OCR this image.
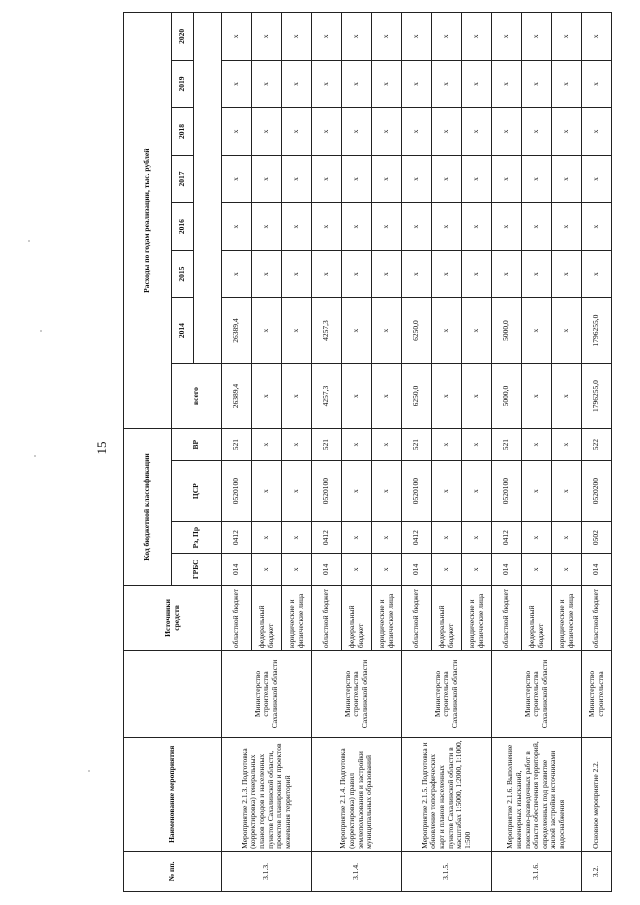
15
№ пп.	Наименование мероприятия		Источники средств	Код бюджетной классификации				Расходы по годам реализации, тыс. рублей							
				ГРБС	Рз, Пр	ЦСР	ВР	всего	2014	2015	2016	2017	2018	2019	2020

3.1.3.	Мероприятие 2.1.3. Подготовка (корректировка) генеральных планов городов и населенных пунктов Сахалинской области, проектов планировки и проектов межевания территорий	Министерство строительства Сахалинской области	областной бюджет	014	0412	0520100	521	26389,4	26389,4	х	х	х	х	х	х
			федеральный бюджет	х	х	х	х	х	х	х	х	х	х	х	х
			юридические и физические лица	х	х	х	х	х	х	х	х	х	х	х	х
3.1.4.	Мероприятие 2.1.4. Подготовка (корректировка) правил землепользования и застройки муниципальных образований	Министерство строительства Сахалинской области	областной бюджет	014	0412	0520100	521	4257,3	4257,3	х	х	х	х	х	х
			федеральный бюджет	х	х	х	х	х	х	х	х	х	х	х	х
			юридические и физические лица	х	х	х	х	х	х	х	х	х	х	х	х
3.1.5.	Мероприятие 2.1.5. Подготовка и обновление топографических карт и планов населенных пунктов Сахалинской области в масштабах 1:5000, 1:2000, 1:1000, 1:500	Министерство строительства Сахалинской области	областной бюджет	014	0412	0520100	521	6250,0	6250,0	х	х	х	х	х	х
			федеральный бюджет	х	х	х	х	х	х	х	х	х	х	х	х
			юридические и физические лица	х	х	х	х	х	х	х	х	х	х	х	х
3.1.6.	Мероприятие 2.1.6. Выполнение инженерных изысканий, поисково-разведочных работ в области обеспечения территорий, определенных под развитие жилой застройки источниками водоснабжения	Министерство строительства Сахалинской области	областной бюджет	014	0412	0520100	521	5000,0	5000,0	х	х	х	х	х	х
			федеральный бюджет	х	х	х	х	х	х	х	х	х	х	х	х
			юридические и физические лица	х	х	х	х	х	х	х	х	х	х	х	х
3.2.	Основное мероприятие 2.2.	Министерство строительства	областной бюджет	014	0502	0520200	522	1796255,0	1796255,0	х	х	х	х	х	х
